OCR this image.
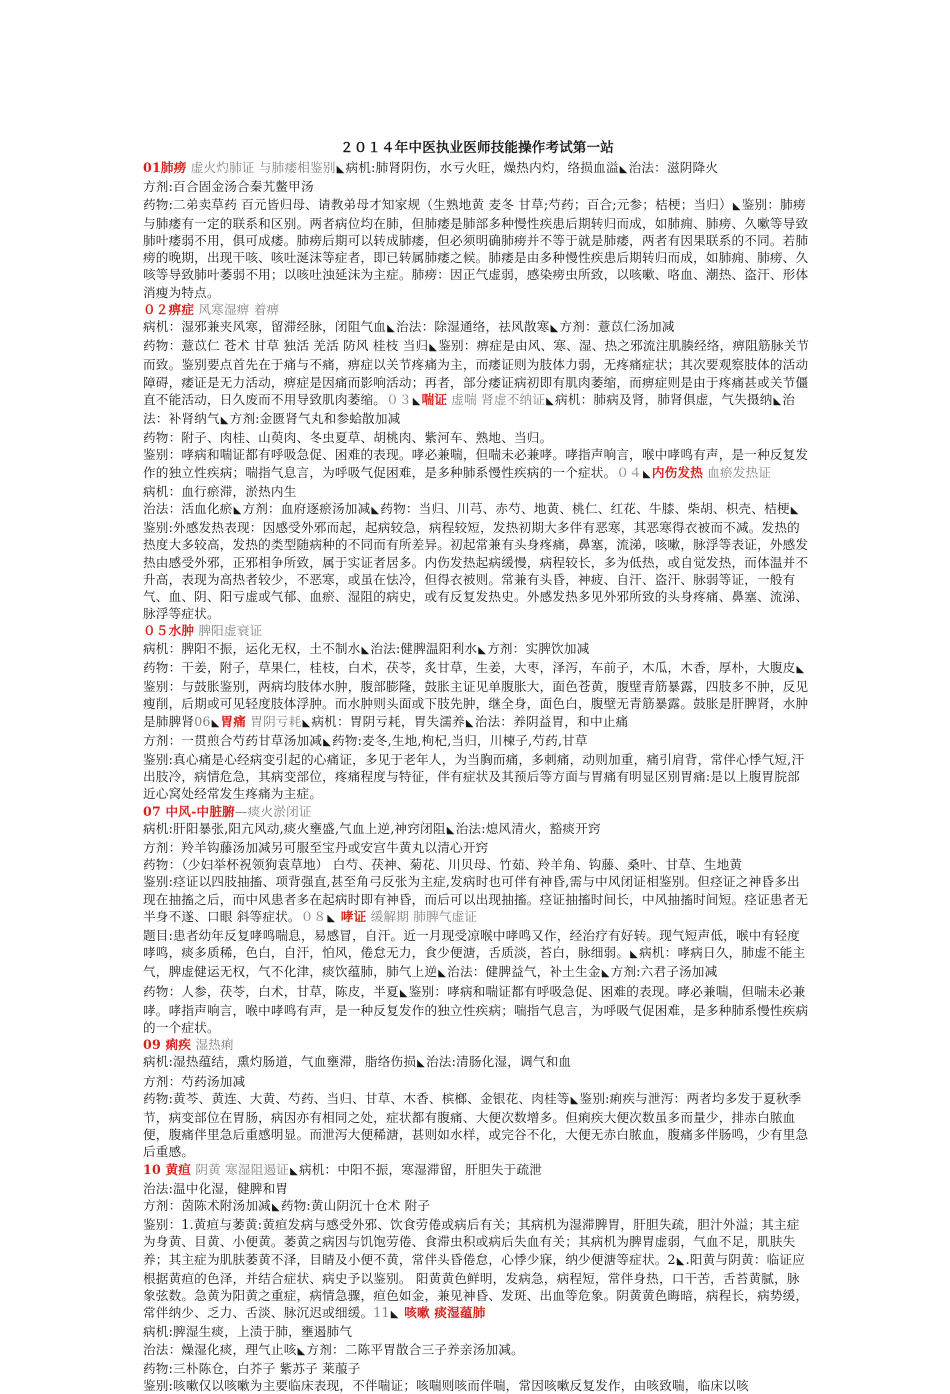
２０１４年中医执业医师技能操作考试第一站
01肺痨 虚火灼肺证 与肺痿相鉴别◣病机:肺肾阴伤，水亏火旺，燥热内灼，络损血溢◣治法：滋阴降火
方剂:百合固金汤合秦艽鳖甲汤
药物:二弟卖草药 百元皆归母、请教弟母才知家规（生熟地黄 麦冬 甘草;芍药；百合;元参；桔梗；当归）◣鉴别：肺痨与肺痿有一定的联系和区别。两者病位均在肺，但肺痿是肺部多种慢性疾患后期转归而成，如肺痈、肺痨、久嗽等导致肺叶痿弱不用，俱可成痿。肺痨后期可以转成肺痿，但必须明确肺痨并不等于就是肺痿，两者有因果联系的不同。若肺痨的晚期，出现干咳、咳吐涎沫等症者，即已转属肺痿之候。肺痿是由多种慢性疾患后期转归而成，如肺痈、肺痨、久咳等导致肺叶萎弱不用；以咳吐浊延沫为主症。肺痨：因正气虚弱，感染痨虫所致，以咳嗽、咯血、潮热、盗汗、形体消瘦为特点。
０２痹症 风寒湿痹 着痹
病机：湿邪兼夹风寒，留滞经脉，闭阻气血◣治法：除湿通络，祛风散寒◣方剂：薏苡仁汤加减
药物：薏苡仁 苍术 甘草 独活 羌活 防风 桂枝 当归◣鉴别：痹症是由风、寒、湿、热之邪流注肌腠经络，痹阻筋脉关节而致。鉴别要点首先在于痛与不痛，痹症以关节疼痛为主，而痿证则为肢体力弱，无疼痛症状；其次要观察肢体的活动障碍，痿证是无力活动，痹症是因痛而影响活动；再者，部分痿证病初即有肌肉萎缩，而痹症则是由于疼痛甚或关节僵直不能活动，日久废而不用导致肌肉萎缩。０３◣喘证 虚喘 肾虚不纳证◣病机：肺病及肾，肺肾俱虚，气失摄纳◣治法：补肾纳气◣方剂:金匮肾气丸和参蛤散加减
药物：附子、肉桂、山萸肉、冬虫夏草、胡桃肉、紫河车、熟地、当归。
鉴别：哮病和喘证都有呼吸急促、困难的表现。哮必兼喘，但喘未必兼哮。哮指声响言，喉中哮鸣有声，是一种反复发作的独立性疾病；喘指气息言，为呼吸气促困难，是多种肺系慢性疾病的一个症状。０４◣内伤发热 血瘀发热证
病机：血行瘀滞，淤热内生
治法：活血化瘀◣方剂：血府逐瘀汤加减◣药物：当归、川芎、赤芍、地黄、桃仁、红花、牛膝、柴胡、枳壳、桔梗◣鉴别:外感发热表现：因感受外邪而起，起病较急，病程较短，发热初期大多伴有恶寒，其恶寒得衣被而不减。发热的热度大多较高，发热的类型随病种的不同而有所差异。初起常兼有头身疼痛，鼻塞，流涕，咳嗽，脉浮等表证，外感发热由感受外邪，正邪相争所致，属于实证者居多。内伤发热起病缓慢，病程较长，多为低热，或自觉发热，而体温并不升高，表现为高热者较少，不恶寒，或虽在怯冷，但得衣被则。常兼有头昏，神疲、自汗、盗汗、脉弱等证，一般有气、血、阴、阳亏虚或气郁、血瘀、湿阻的病史，或有反复发热史。外感发热多见外邪所致的头身疼痛、鼻塞、流涕、脉浮等症状。
０５水肿 脾阳虚衰证
病机：脾阳不振，运化无权，土不制水◣治法:健脾温阳利水◣方剂：实脾饮加减
药物：干姜，附子，草果仁，桂枝，白术，茯苓，炙甘草，生姜，大枣，泽泻，车前子，木瓜，木香，厚朴，大腹皮◣鉴别：与鼓胀鉴别，两病均肢体水肿，腹部膨隆，鼓胀主证见单腹胀大，面色苍黄，腹壁青筋暴露，四肢多不肿，反见瘦削，后期或可见轻度肢体浮肿。而水肿则头面或下肢先肿，继全身，面色白，腹壁无青筋暴露。鼓胀是肝脾肾，水肿是肺脾肾06◣胃痛 胃阴亏耗◣病机：胃阴亏耗，胃失濡养◣治法：养阴益胃，和中止痛
方剂：一贯煎合芍药甘草汤加减◣药物:麦冬,生地,枸杞,当归，川楝子,芍药,甘草
鉴别:真心痛是心经病变引起的心痛证，多见于老年人，为当胸而痛，多刺痛，动则加重，痛引肩背，常伴心悸气短,汗出肢冷，病情危急，其病变部位，疼痛程度与特征，伴有症状及其预后等方面与胃痛有明显区别胃痛:是以上腹胃脘部近心窝处经常发生疼痛为主症。
07 中风-中脏腑—痰火淤闭证
病机:肝阳暴张,阳亢风动,痰火壅盛,气血上逆,神窍闭阻◣治法:熄风清火，豁痰开窍
方剂：羚羊钩藤汤加减另可服至宝丹或安宫牛黄丸以清心开窍
药物：（少妇举杯祝领狗袁草地） 白芍、茯神、菊花、川贝母、竹茹、羚羊角、钩藤、桑叶、甘草、生地黄
鉴别:痉证以四肢抽搐、项背强直,甚至角弓反张为主症,发病时也可伴有神昏,需与中风闭证相鉴别。但痉证之神昏多出现在抽搐之后，而中风患者多在起病时即有神昏，而后可以出现抽搐。痉证抽搐时间长，中风抽搐时间短。痉证患者无半身不遂、口眼 斜等症状。０８◣ 哮证 缓解期 肺脾气虚证
题目:患者幼年反复哮鸣喘息，易感冒，自汗。近一月现受凉喉中哮鸣又作，经治疗有好转。现气短声低，喉中有轻度哮鸣，痰多质稀，色白，自汗，怕风，倦怠无力，食少便溏，舌质淡，苔白，脉细弱。◣病机：哮病日久，肺虚不能主气，脾虚健运无权，气不化津，痰饮蕴肺，肺气上逆◣治法：健脾益气，补土生金◣方剂:六君子汤加减
药物：人参，茯苓，白术，甘草，陈皮，半夏◣鉴别：哮病和喘证都有呼吸急促、困难的表现。哮必兼喘，但喘未必兼哮。哮指声响言，喉中哮鸣有声，是一种反复发作的独立性疾病；喘指气息言，为呼吸气促困难，是多种肺系慢性疾病的一个症状。
09 痢疾 湿热痢
病机:湿热蕴结，熏灼肠道，气血壅滞，脂络伤损◣治法:清肠化湿，调气和血
方剂：芍药汤加减
药物:黄芩、黄连、大黄、芍药、当归、甘草、木香、槟榔、金银花、肉桂等◣鉴别:痢疾与泄泻：两者均多发于夏秋季节，病变部位在胃肠，病因亦有相同之处，症状都有腹痛、大便次数增多。但痢疾大便次数虽多而量少，排赤白脓血便，腹痛伴里急后重感明显。而泄泻大便稀溏，甚则如水样，或完谷不化，大便无赤白脓血，腹痛多伴肠鸣，少有里急后重感。
10 黄疸 阴黄 寒湿阻遏证◣病机：中阳不振，寒湿滞留，肝胆失于疏泄
治法:温中化湿，健脾和胃
方剂：茵陈术附汤加减◣药物:黄山阴沉十仓术 附子
鉴别：1.黄疸与萎黄:黄疸发病与感受外邪、饮食劳倦或病后有关；其病机为湿滞脾胃，肝胆失疏，胆汁外溢；其主症为身黄、目黄、小便黄。萎黄之病因与饥饱劳倦、食滞虫积或病后失血有关；其病机为脾胃虚弱，气血不足，肌肤失养；其主症为肌肤萎黄不泽，目睛及小便不黄，常伴头昏倦怠，心悸少寐，纳少便溏等症状。2◣.阳黄与阴黄：临证应根据黄疸的色泽，并结合症状、病史予以鉴别。 阳黄黄色鲜明，发病急，病程短，常伴身热，口干苦，舌苔黄腻，脉象弦数。急黄为阳黄之重症，病情急骤，疸色如金，兼见神昏、发斑、出血等危象。阴黄黄色晦暗，病程长，病势缓，常伴纳少、乏力、舌淡、脉沉迟或细缓。11◣ 咳嗽 痰湿蕴肺
病机:脾湿生痰，上渍于肺，壅遏肺气
治法：燥湿化痰，理气止咳◣方剂：二陈平胃散合三子养亲汤加减。
药物:三朴陈仓，白芥子 紫苏子 莱菔子
鉴别:咳嗽仅以咳嗽为主要临床表现，不伴喘证；咳喘则咳而伴喘，常因咳嗽反复发作，由咳致喘，临床以咳
